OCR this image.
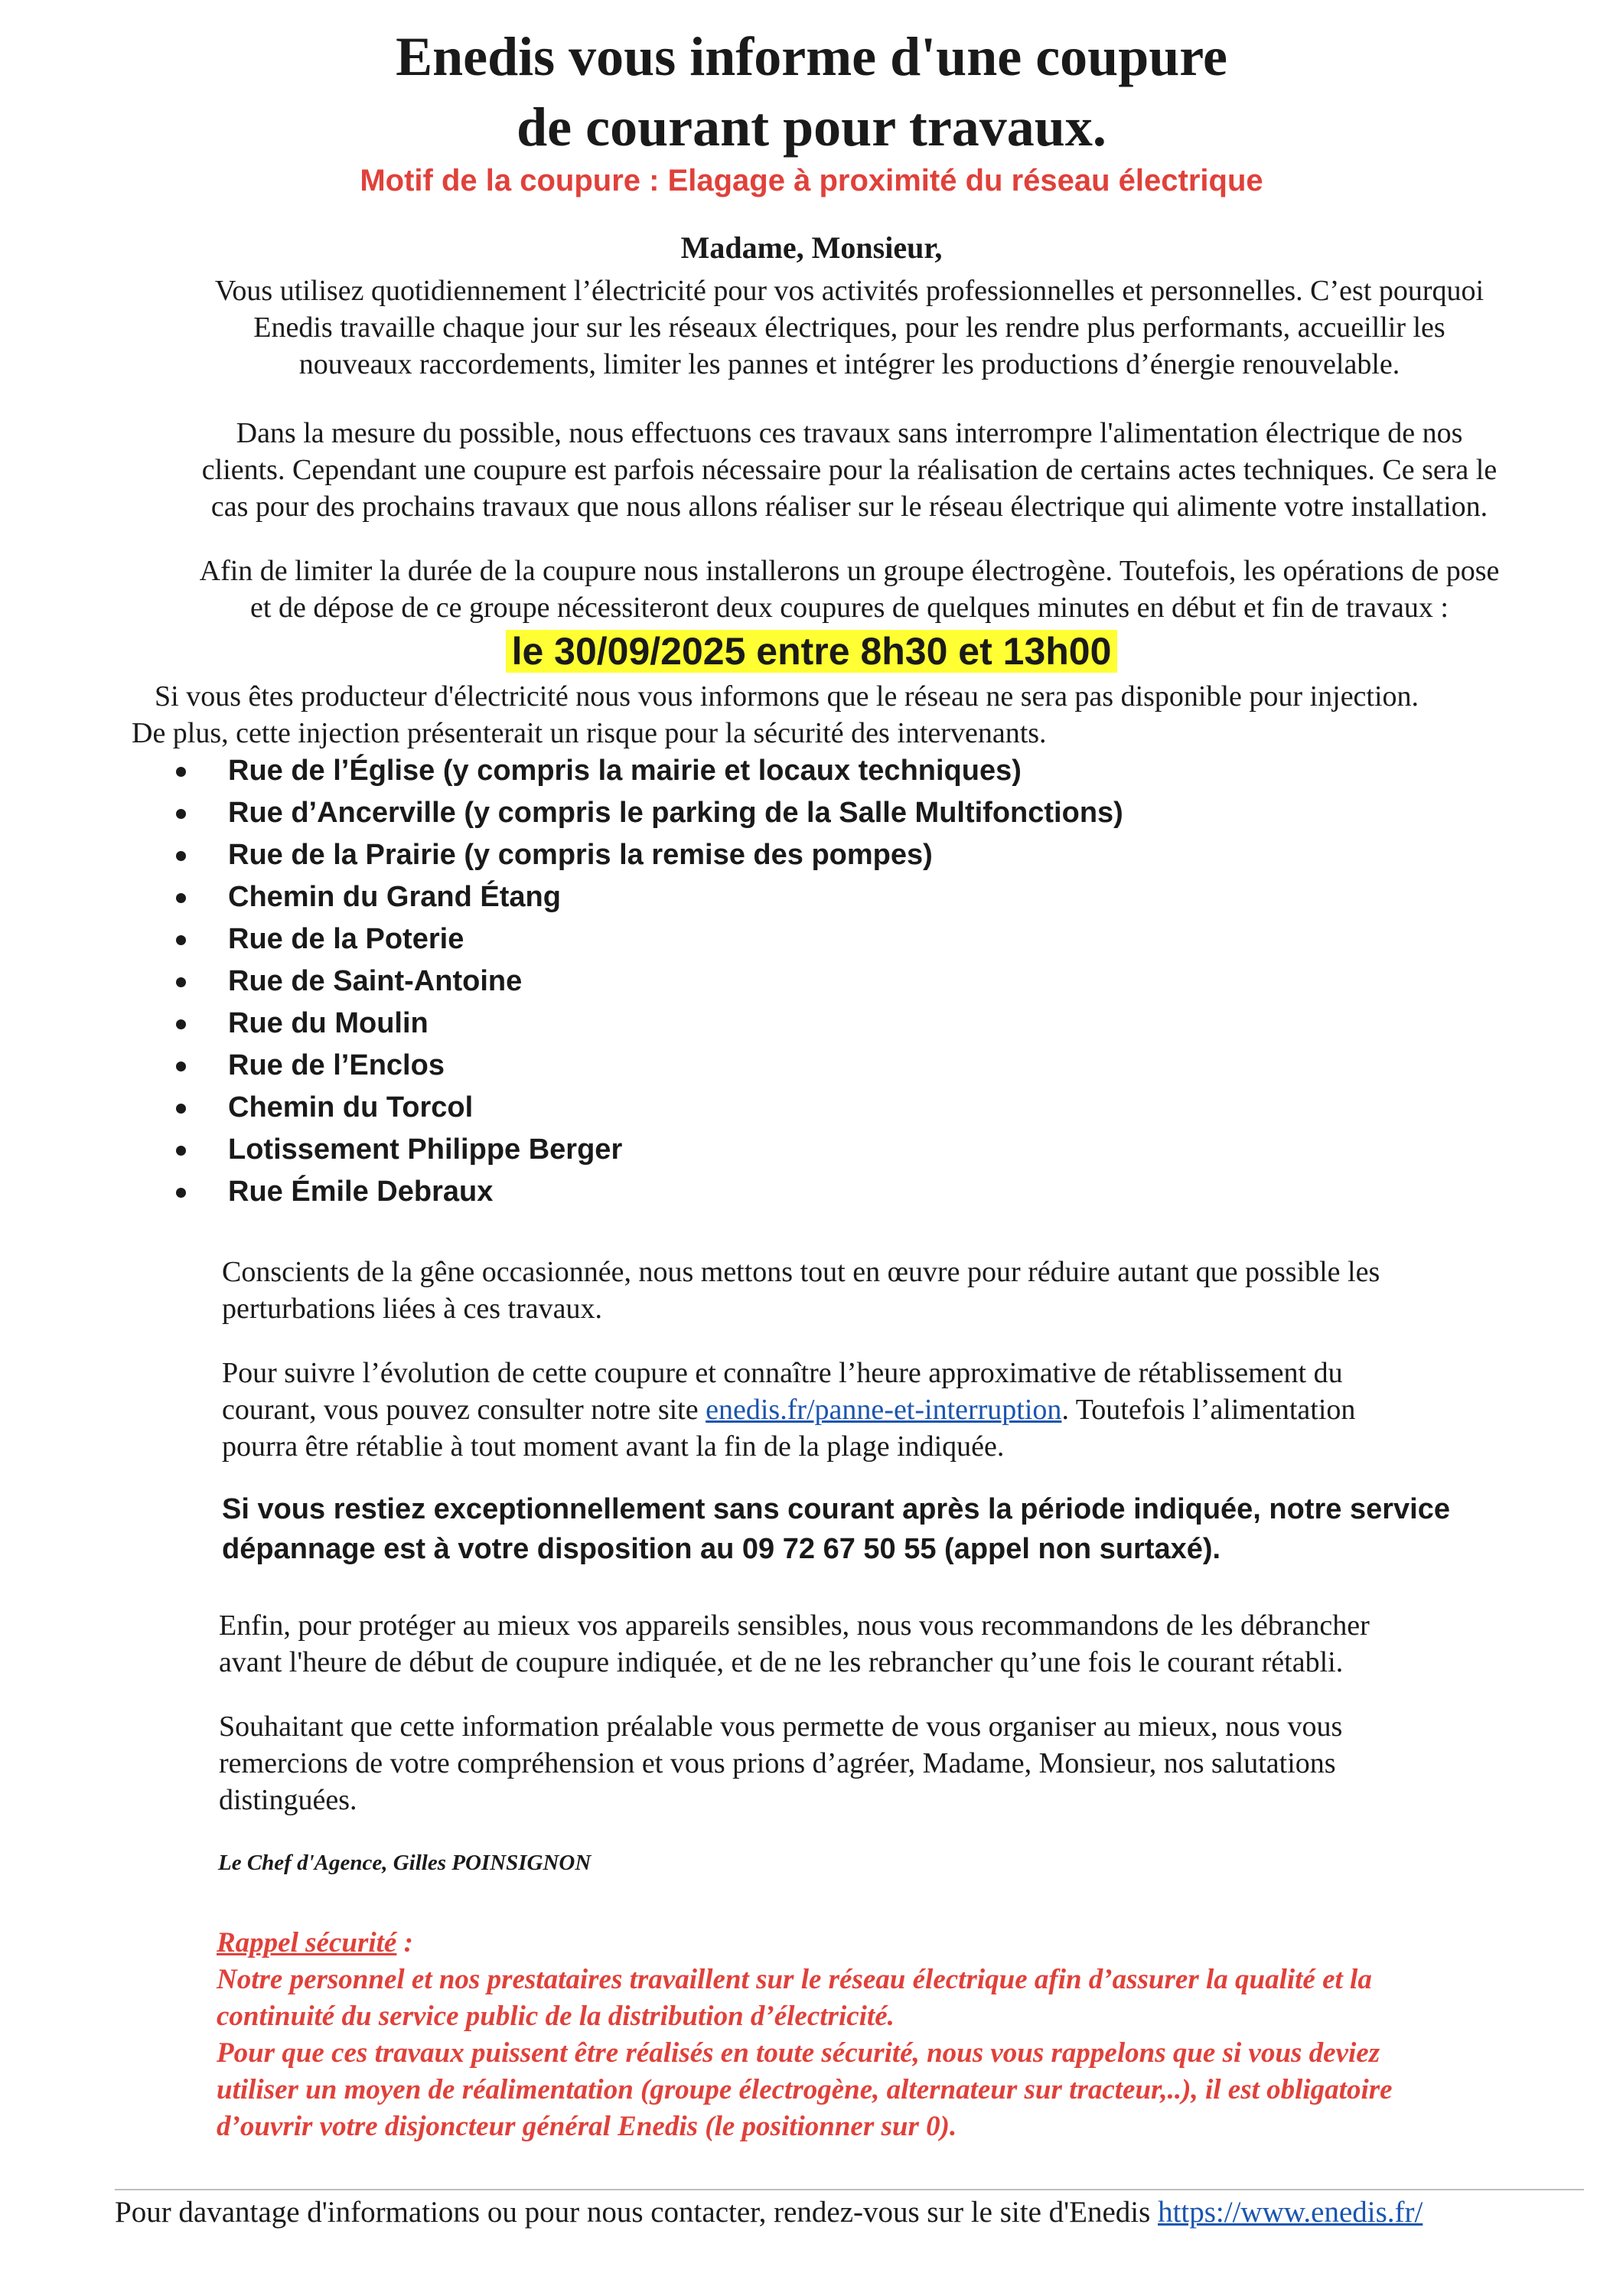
Enedis vous informe d'une coupure
de courant pour travaux.
Motif de la coupure : Elagage à proximité du réseau électrique
Madame, Monsieur,
Vous utilisez quotidiennement l’électricité pour vos activités professionnelles et personnelles. C’est pourquoi
Enedis travaille chaque jour sur les réseaux électriques, pour les rendre plus performants, accueillir les
nouveaux raccordements, limiter les pannes et intégrer les productions d’énergie renouvelable.
Dans la mesure du possible, nous effectuons ces travaux sans interrompre l'alimentation électrique de nos
clients. Cependant une coupure est parfois nécessaire pour la réalisation de certains actes techniques. Ce sera le
cas pour des prochains travaux que nous allons réaliser sur le réseau électrique qui alimente votre installation.
Afin de limiter la durée de la coupure nous installerons un groupe électrogène. Toutefois, les opérations de pose
et de dépose de ce groupe nécessiteront deux coupures de quelques minutes en début et fin de travaux :
le 30/09/2025 entre 8h30 et 13h00
Si vous êtes producteur d'électricité nous vous informons que le réseau ne sera pas disponible pour injection.
De plus, cette injection présenterait un risque pour la sécurité des intervenants.
Rue de l’Église (y compris la mairie et locaux techniques)
Rue d’Ancerville (y compris le parking de la Salle Multifonctions)
Rue de la Prairie (y compris la remise des pompes)
Chemin du Grand Étang
Rue de la Poterie
Rue de Saint-Antoine
Rue du Moulin
Rue de l’Enclos
Chemin du Torcol
Lotissement Philippe Berger
Rue Émile Debraux
Conscients de la gêne occasionnée, nous mettons tout en œuvre pour réduire autant que possible les
perturbations liées à ces travaux.
Pour suivre l’évolution de cette coupure et connaître l’heure approximative de rétablissement du
courant, vous pouvez consulter notre site enedis.fr/panne-et-interruption. Toutefois l’alimentation
pourra être rétablie à tout moment avant la fin de la plage indiquée.
Si vous restiez exceptionnellement sans courant après la période indiquée, notre service
dépannage est à votre disposition au 09 72 67 50 55 (appel non surtaxé).
Enfin, pour protéger au mieux vos appareils sensibles, nous vous recommandons de les débrancher
avant l'heure de début de coupure indiquée, et de ne les rebrancher qu’une fois le courant rétabli.
Souhaitant que cette information préalable vous permette de vous organiser au mieux, nous vous
remercions de votre compréhension et vous prions d’agréer, Madame, Monsieur, nos salutations
distinguées.
Le Chef d'Agence, Gilles POINSIGNON
Rappel sécurité :
Notre personnel et nos prestataires travaillent sur le réseau électrique afin d’assurer la qualité et la
continuité du service public de la distribution d’électricité.
Pour que ces travaux puissent être réalisés en toute sécurité, nous vous rappelons que si vous deviez
utiliser un moyen de réalimentation (groupe électrogène, alternateur sur tracteur,..), il est obligatoire
d’ouvrir votre disjoncteur général Enedis (le positionner sur 0).
Pour davantage d'informations ou pour nous contacter, rendez-vous sur le site d'Enedis https://www.enedis.fr/
